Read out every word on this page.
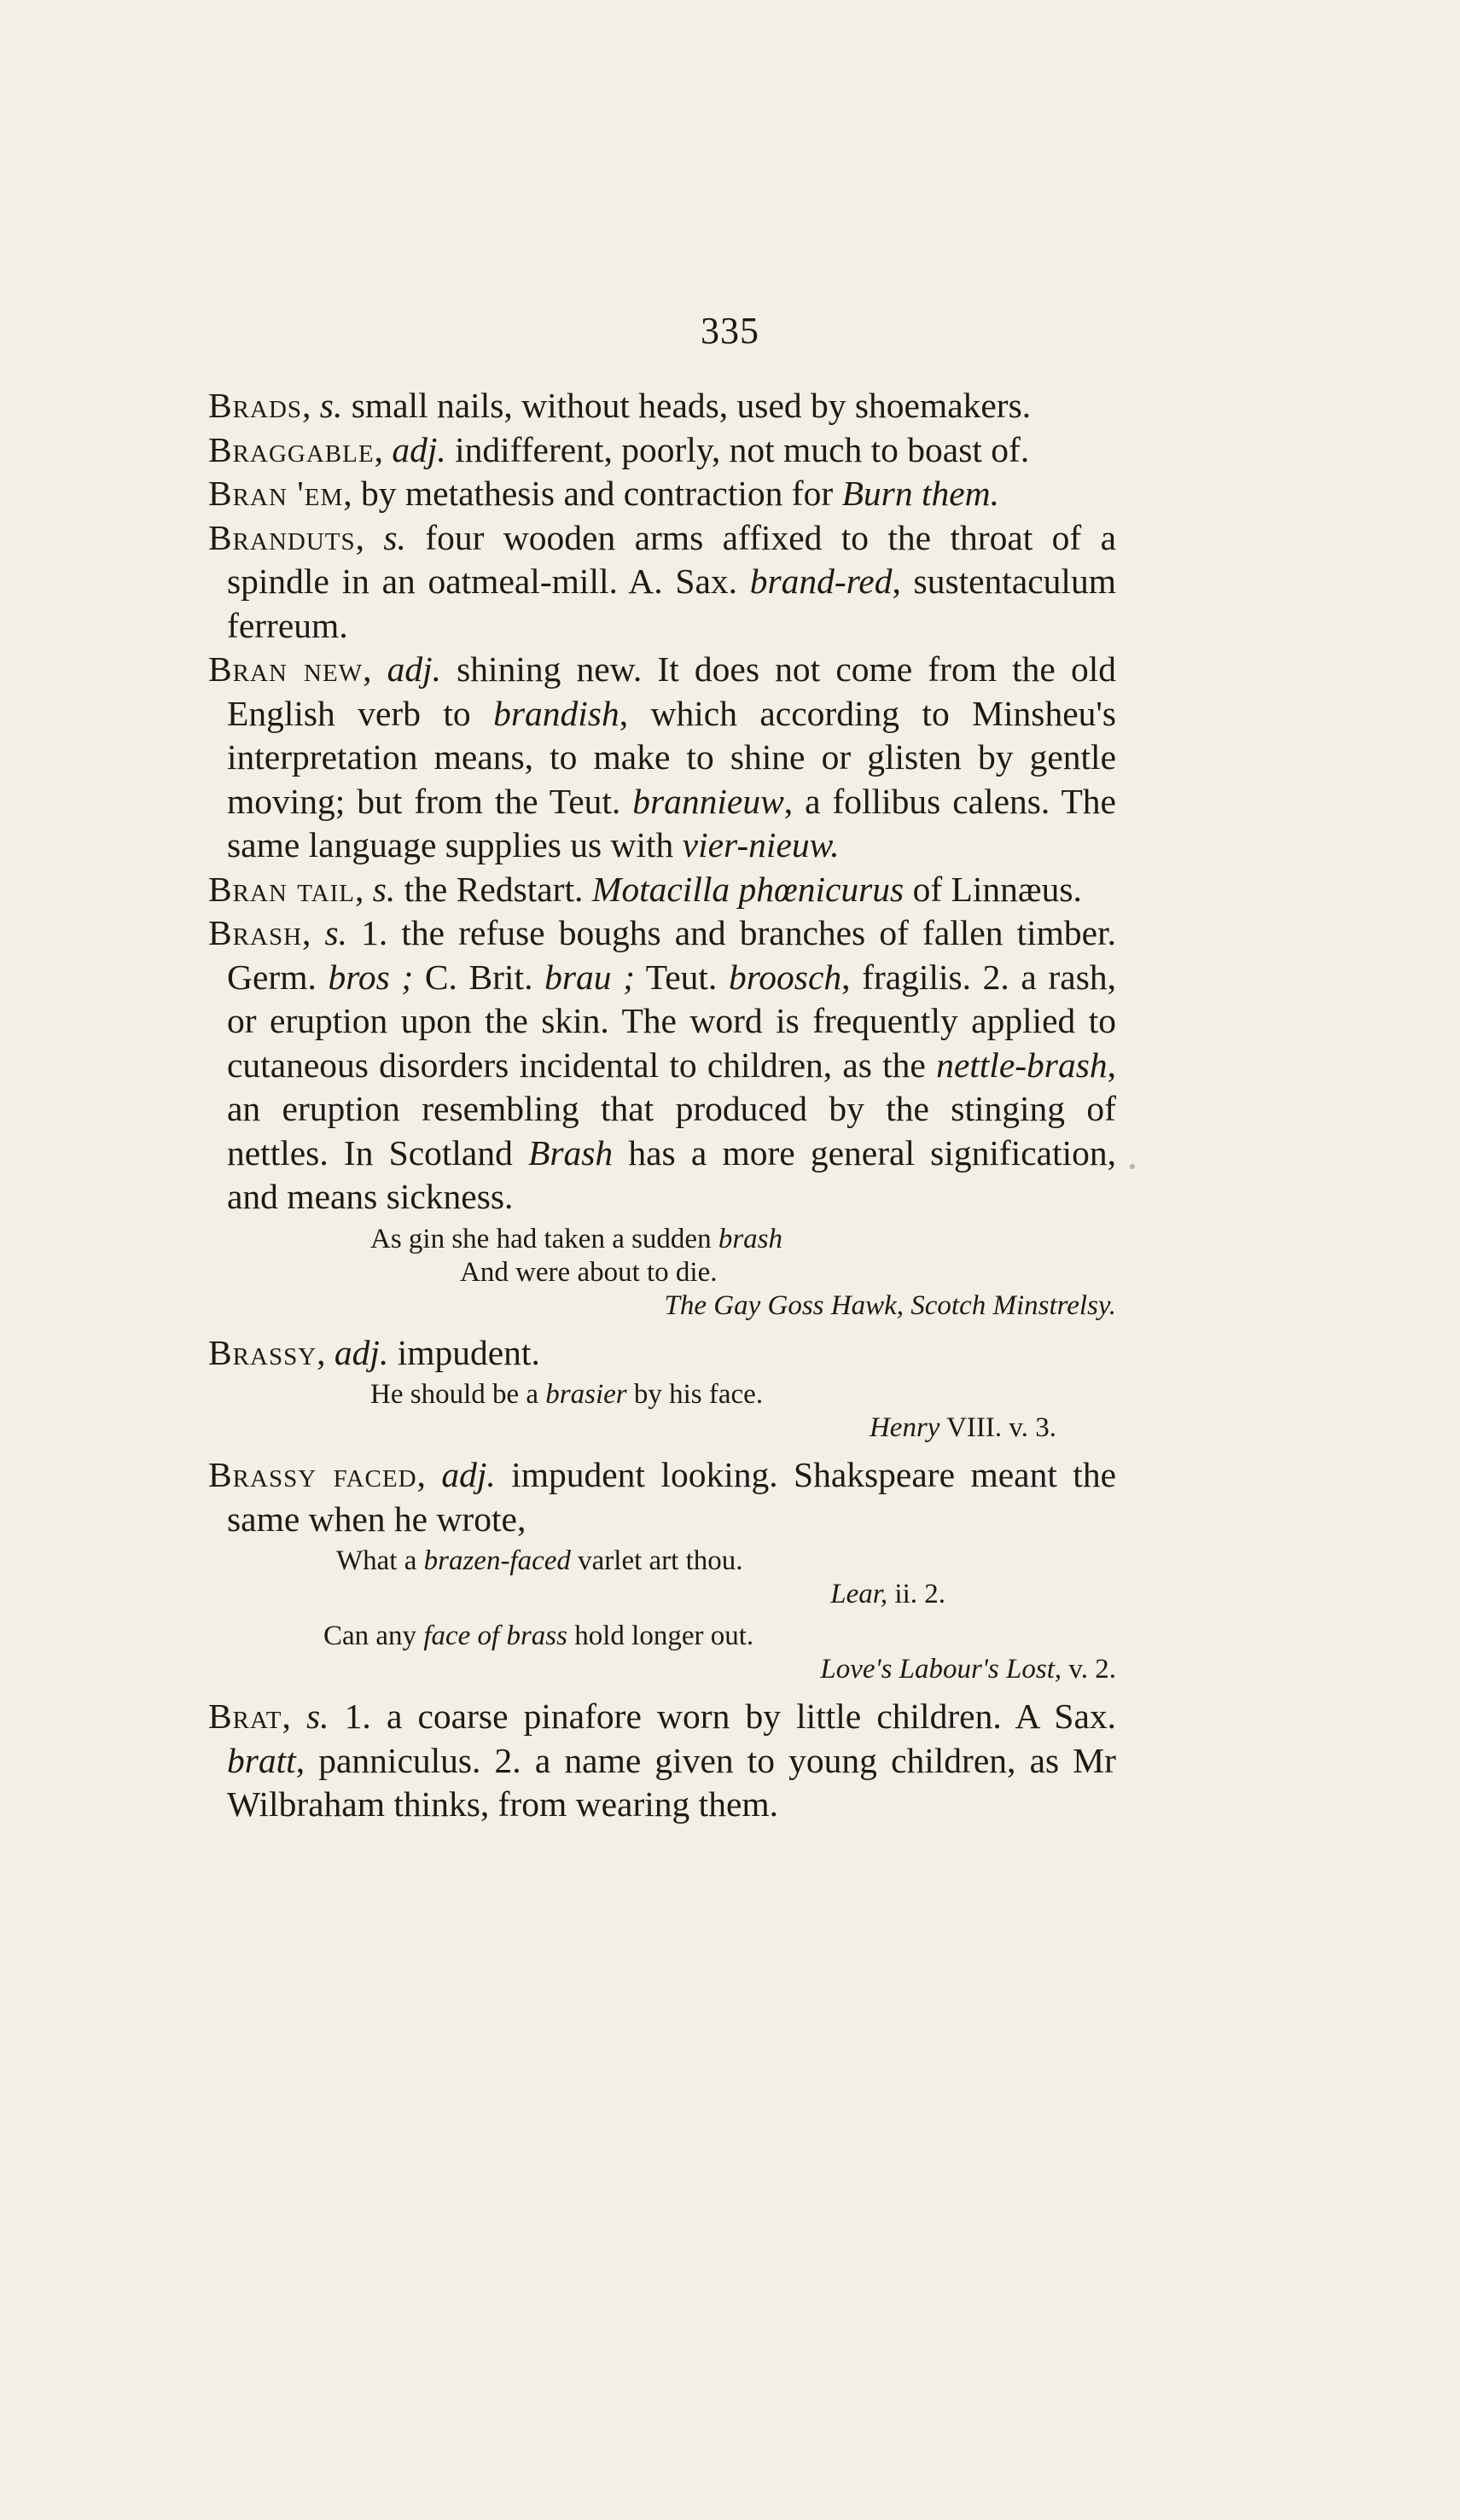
335
Brads, s. small nails, without heads, used by shoemakers.
Braggable, adj. indifferent, poorly, not much to boast of.
Bran 'em, by metathesis and contraction for Burn them.
Branduts, s. four wooden arms affixed to the throat of a spindle in an oatmeal-mill. A. Sax. brand-red, sustentaculum ferreum.
Bran new, adj. shining new. It does not come from the old English verb to brandish, which according to Minsheu's interpretation means, to make to shine or glisten by gentle moving; but from the Teut. brannieuw, a follibus calens. The same language supplies us with vier-nieuw.
Bran tail, s. the Redstart. Motacilla phœnicurus of Linnæus.
Brash, s. 1. the refuse boughs and branches of fallen timber. Germ. bros ; C. Brit. brau ; Teut. broosch, fragilis. 2. a rash, or eruption upon the skin. The word is frequently applied to cutaneous disorders incidental to children, as the nettle-brash, an eruption resembling that produced by the stinging of nettles. In Scotland Brash has a more general signification, and means sickness.
As gin she had taken a sudden brash
And were about to die.
The Gay Goss Hawk, Scotch Minstrelsy.
Brassy, adj. impudent.
He should be a brasier by his face.
Henry VIII. v. 3.
Brassy faced, adj. impudent looking. Shakspeare meant the same when he wrote,
What a brazen-faced varlet art thou.
Lear, ii. 2.
Can any face of brass hold longer out.
Love's Labour's Lost, v. 2.
Brat, s. 1. a coarse pinafore worn by little children. A Sax. bratt, panniculus. 2. a name given to young children, as Mr Wilbraham thinks, from wearing them.
